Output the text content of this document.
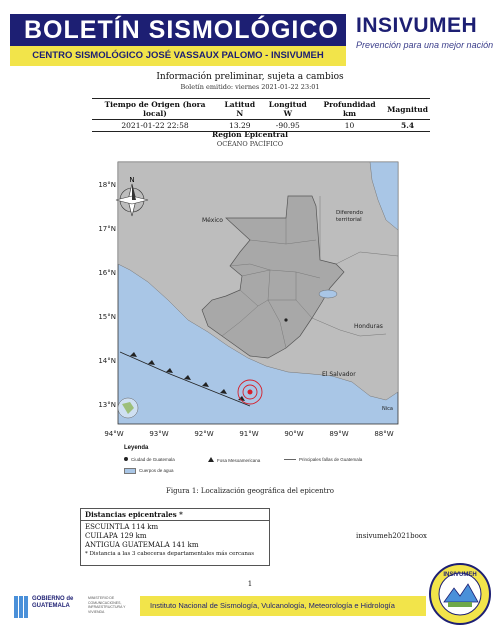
BOLETÍN SISMOLÓGICO
CENTRO SISMOLÓGICO JOSÉ VASSAUX PALOMO - INSIVUMEH
INSIVUMEH
Prevención para una mejor nación
Información preliminar, sujeta a cambios
Boletín emitido: viernes 2021-01-22 23:01
Tiempo de Origen (hora local)	Latitud N	Longitud W	Profundidad km	Magnitud
2021-01-22 22:58	13.29	-90.95	10	5.4
Región Epicentral
OCÉANO PACÍFICO
N
México
Diferendo territorial
Honduras
El Salvador
Nica
18°N
17°N
16°N
15°N
14°N
13°N
94°W	93°W	92°W	91°W	90°W	89°W	88°W
Leyenda
Ciudad de Guatemala
Cuerpos de agua
Fosa Mesoamericana	Principales fallas de Guatemala
Figura 1: Localización geográfica del epicentro
Distancias epicentrales *
ESCUINTLA 114 km
CUILAPA 129 km
ANTIGUA GUATEMALA 141 km
* Distancia a las 3 cabeceras departamentales más cercanas
insivumeh2021boox
1
GOBIERNO de
GUATEMALA
MINISTERIO DE COMUNICACIONES, INFRAESTRUCTURA Y VIVIENDA
Instituto Nacional de Sismología, Vulcanología, Meteorología e Hidrología
INSIVUMEH
